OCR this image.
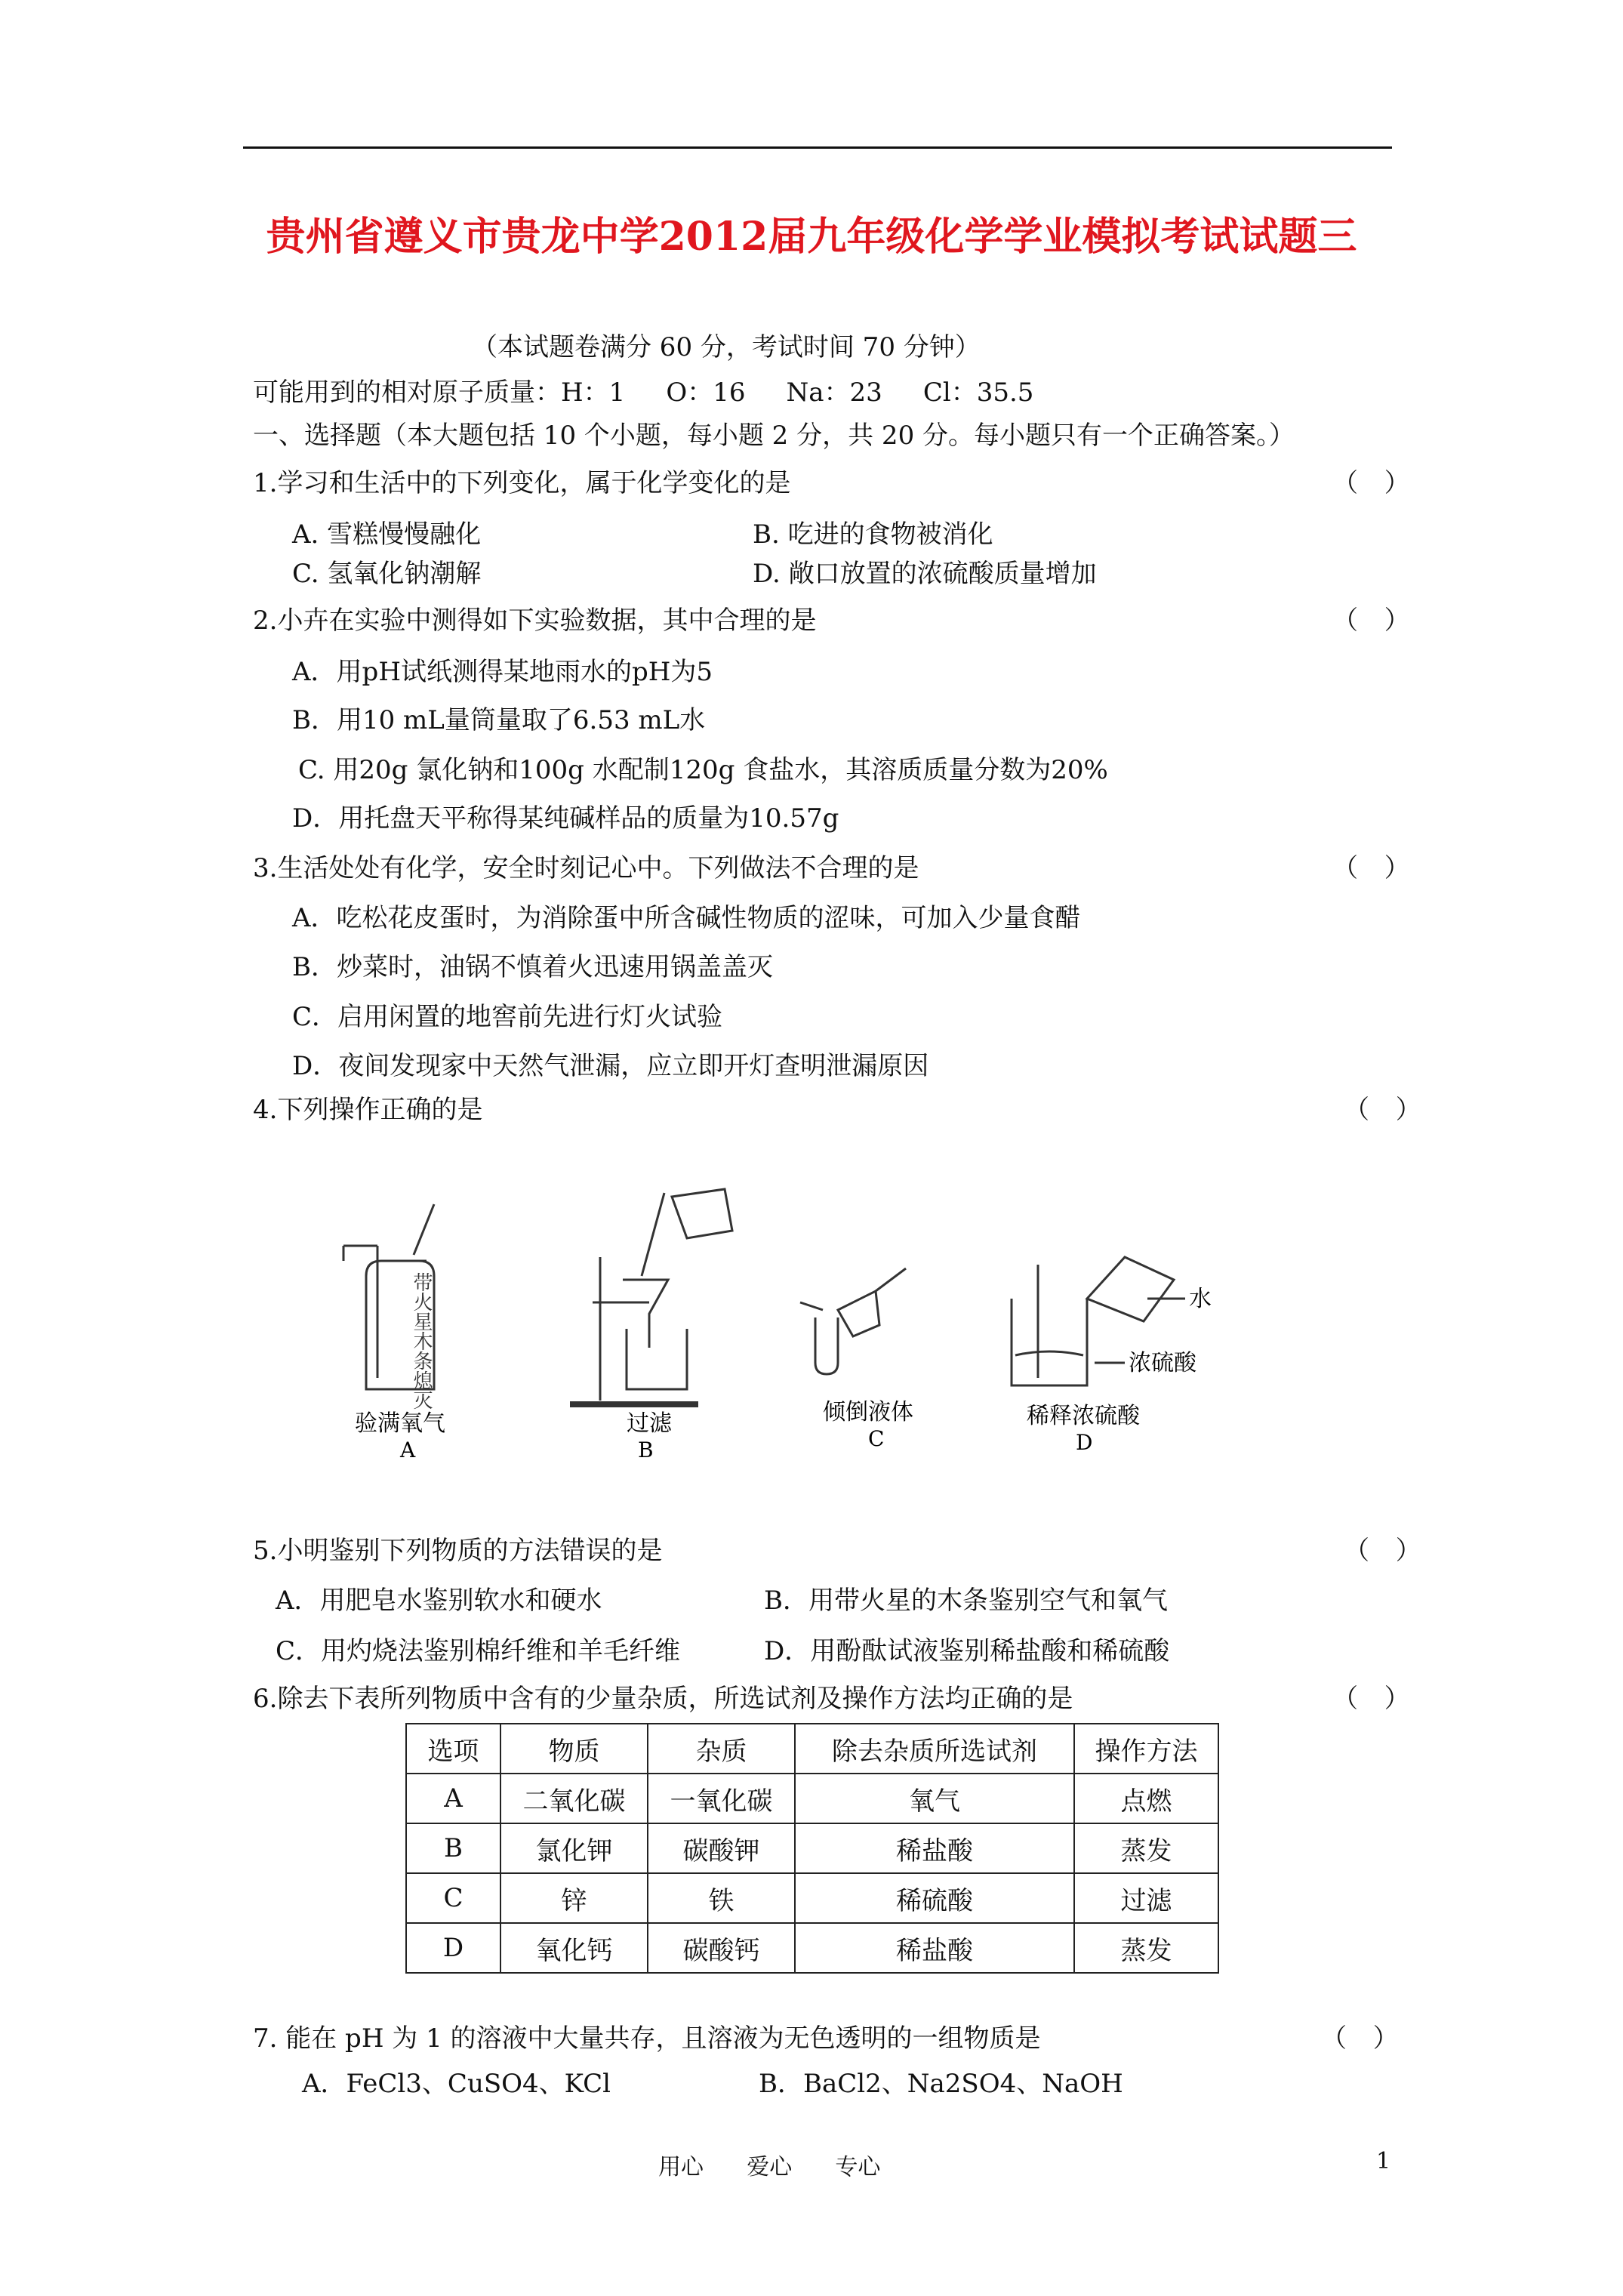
贵州省遵义市贵龙中学2012届九年级化学学业模拟考试试题三
（本试题卷满分 60 分，考试时间 70 分钟）
可能用到的相对原子质量：H：1     O：16     Na：23     Cl：35.5
一、选择题（本大题包括 10 个小题，每小题 2 分，共 20 分。每小题只有一个正确答案。）
1.学习和生活中的下列变化，属于化学变化的是	（ ）
A. 雪糕慢慢融化	B. 吃进的食物被消化
C. 氢氧化钠潮解	D. 敞口放置的浓硫酸质量增加
2.小卉在实验中测得如下实验数据，其中合理的是	（ ）
A．用pH试纸测得某地雨水的pH为5
B．用10 mL量筒量取了6.53 mL水
C. 用20g 氯化钠和100g 水配制120g 食盐水，其溶质质量分数为20%
D．用托盘天平称得某纯碱样品的质量为10.57g
3.生活处处有化学，安全时刻记心中。下列做法不合理的是	（ ）
A．吃松花皮蛋时，为消除蛋中所含碱性物质的涩味，可加入少量食醋
B．炒菜时，油锅不慎着火迅速用锅盖盖灭
C．启用闲置的地窖前先进行灯火试验
D．夜间发现家中天然气泄漏，应立即开灯查明泄漏原因
4.下列操作正确的是	（ ）
带火星木条熄灭
验满氧气
A
过滤
B
倾倒液体
C
水
浓硫酸
稀释浓硫酸
D
5.小明鉴别下列物质的方法错误的是	（ ）
A．用肥皂水鉴别软水和硬水	B．用带火星的木条鉴别空气和氧气
C．用灼烧法鉴别棉纤维和羊毛纤维	D．用酚酞试液鉴别稀盐酸和稀硫酸
6.除去下表所列物质中含有的少量杂质，所选试剂及操作方法均正确的是	（ ）
选项	物质	杂质	除去杂质所选试剂	操作方法
A	二氧化碳	一氧化碳	氧气	点燃
B	氯化钾	碳酸钾	稀盐酸	蒸发
C	锌	铁	稀硫酸	过滤
D	氧化钙	碳酸钙	稀盐酸	蒸发
7. 能在 pH 为 1 的溶液中大量共存，且溶液为无色透明的一组物质是	（ ）
A．FeCl3、CuSO4、KCl	B．BaCl2、Na2SO4、NaOH
用心      爱心      专心	1
